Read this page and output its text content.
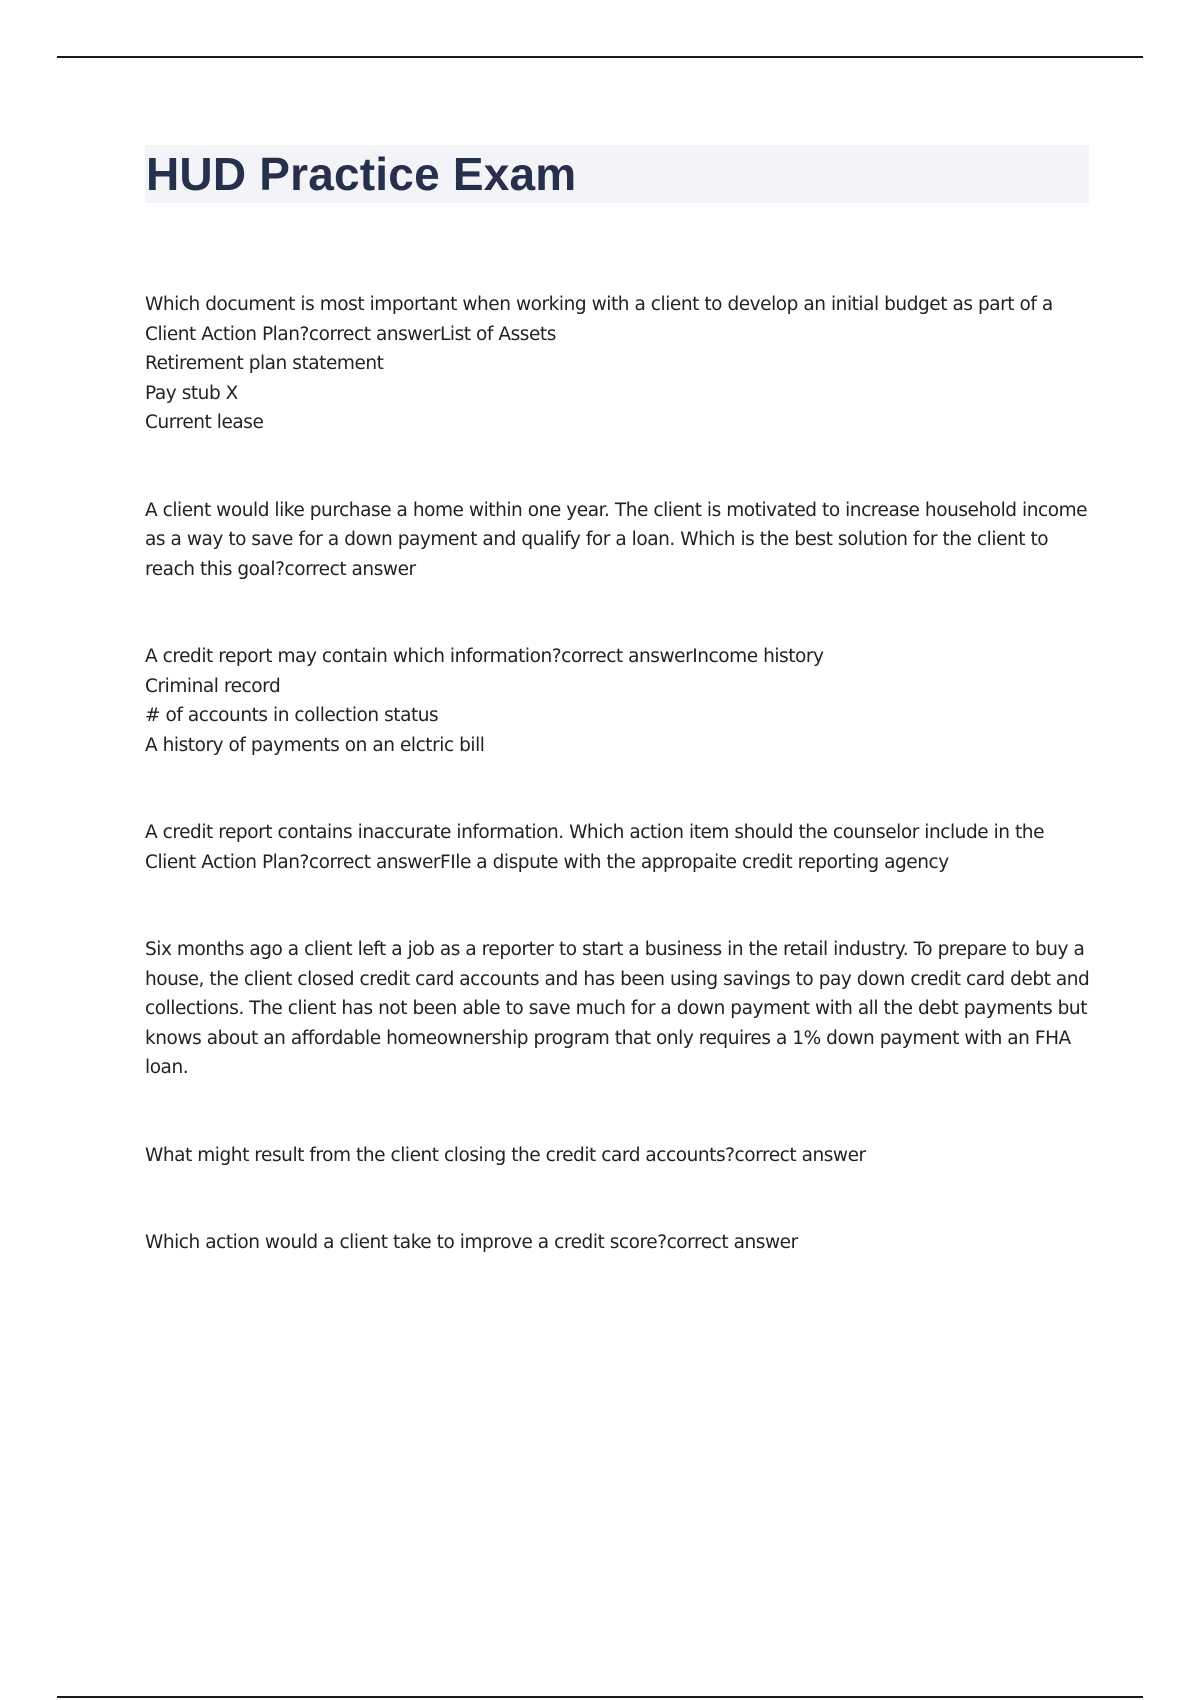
HUD Practice Exam

Which document is most important when working with a client to develop an initial budget as part of a Client Action Plan?correct answerList of Assets

Retirement plan statement

Pay stub X

Current lease

A client would like purchase a home within one year. The client is motivated to increase household income as a way to save for a down payment and qualify for a loan. Which is the best solution for the client to reach this goal?correct answer

A credit report may contain which information?correct answerIncome history

Criminal record

# of accounts in collection status

A history of payments on an elctric bill

A credit report contains inaccurate information. Which action item should the counselor include in the Client Action Plan?correct answerFIle a dispute with the appropaite credit reporting agency

Six months ago a client left a job as a reporter to start a business in the retail industry. To prepare to buy a house, the client closed credit card accounts and has been using savings to pay down credit card debt and collections. The client has not been able to save much for a down payment with all the debt payments but knows about an affordable homeownership program that only requires a 1% down payment with an FHA loan.

What might result from the client closing the credit card accounts?correct answer

Which action would a client take to improve a credit score?correct answer
